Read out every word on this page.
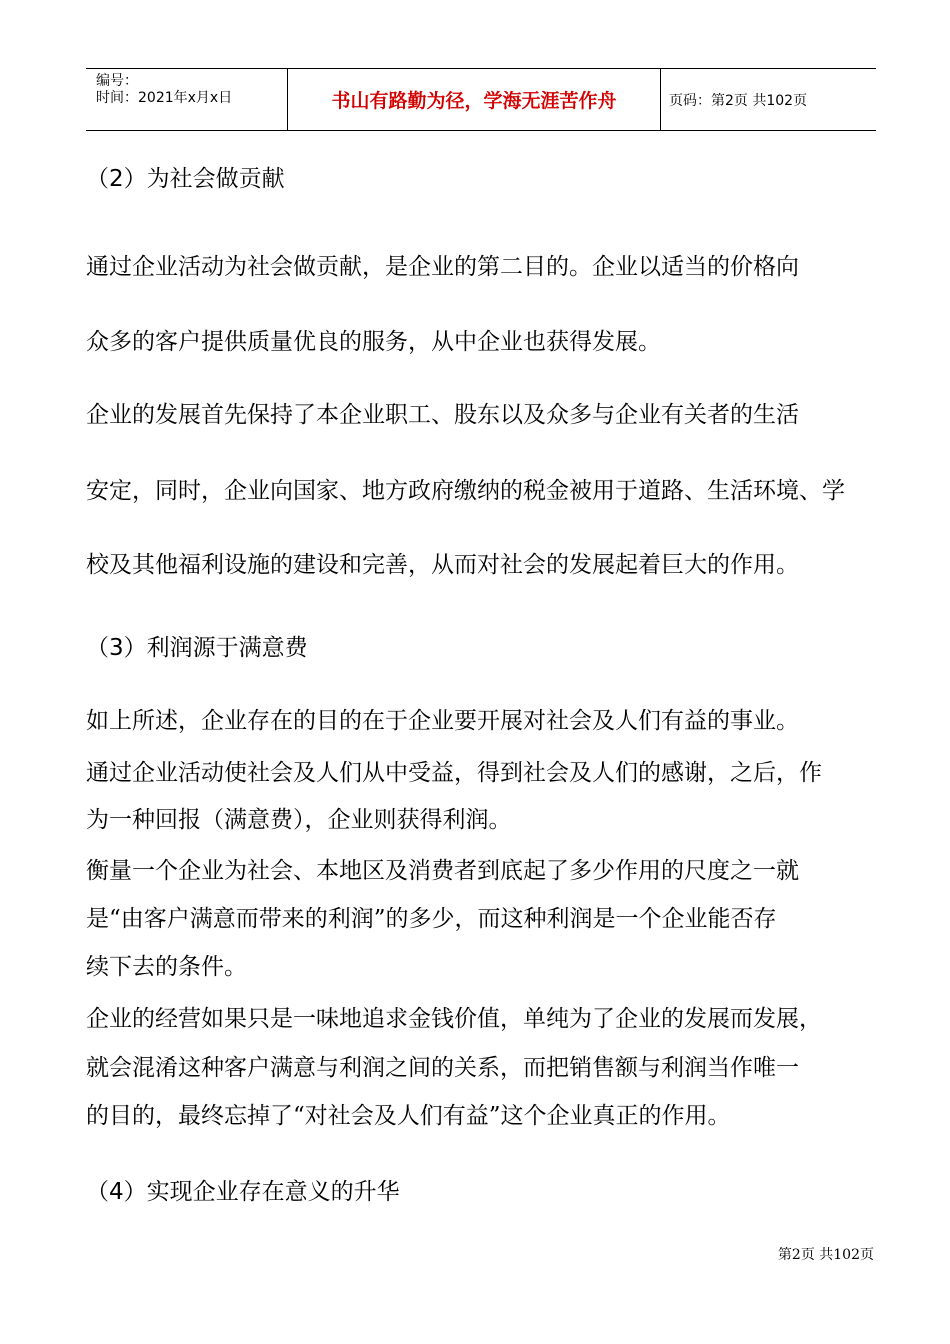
编号：
时间：2021年x月x日	书山有路勤为径，学海无涯苦作舟	页码：第2页 共102页
（2）为社会做贡献
通过企业活动为社会做贡献，是企业的第二目的。企业以适当的价格向
众多的客户提供质量优良的服务，从中企业也获得发展。
企业的发展首先保持了本企业职工、股东以及众多与企业有关者的生活
安定，同时，企业向国家、地方政府缴纳的税金被用于道路、生活环境、学
校及其他福利设施的建设和完善，从而对社会的发展起着巨大的作用。
（3）利润源于满意费
如上所述，企业存在的目的在于企业要开展对社会及人们有益的事业。
通过企业活动使社会及人们从中受益，得到社会及人们的感谢，之后，作
为一种回报（满意费），企业则获得利润。
衡量一个企业为社会、本地区及消费者到底起了多少作用的尺度之一就
是“由客户满意而带来的利润”的多少，而这种利润是一个企业能否存
续下去的条件。
企业的经营如果只是一味地追求金钱价值，单纯为了企业的发展而发展，
就会混淆这种客户满意与利润之间的关系，而把销售额与利润当作唯一
的目的，最终忘掉了“对社会及人们有益”这个企业真正的作用。
（4）实现企业存在意义的升华
第2页 共102页
